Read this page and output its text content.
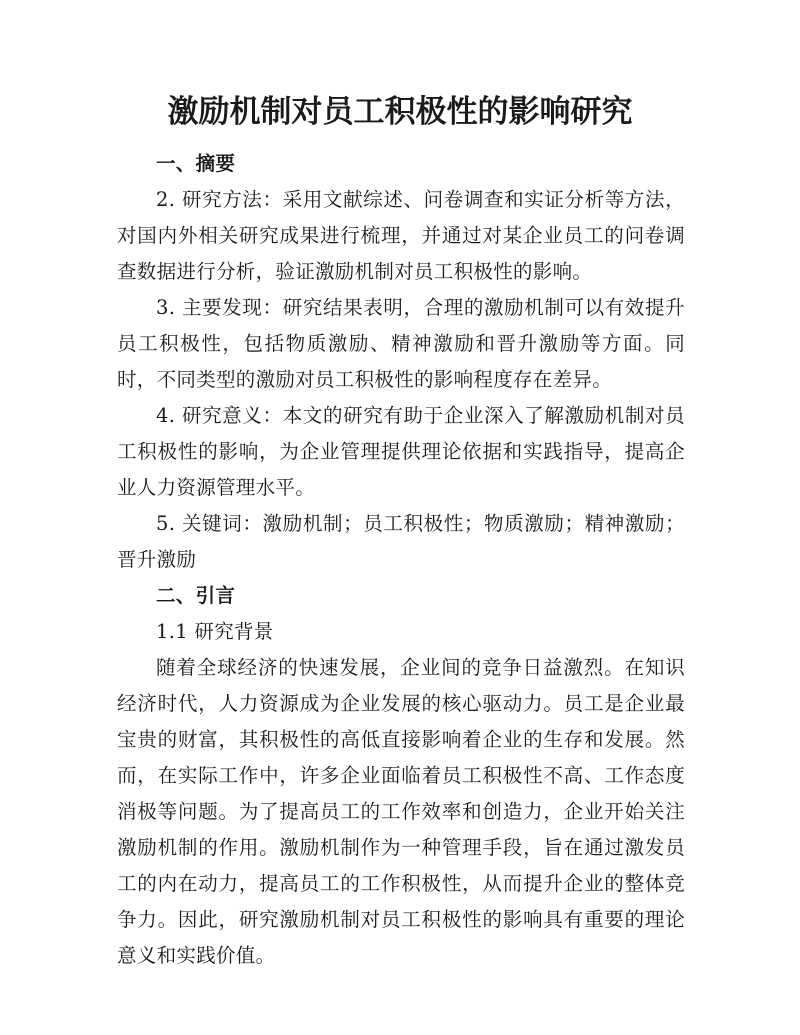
激励机制对员工积极性的影响研究

一、摘要

2. 研究方法：采用文献综述、问卷调查和实证分析等方法，对国内外相关研究成果进行梳理，并通过对某企业员工的问卷调查数据进行分析，验证激励机制对员工积极性的影响。

3. 主要发现：研究结果表明，合理的激励机制可以有效提升员工积极性，包括物质激励、精神激励和晋升激励等方面。同时，不同类型的激励对员工积极性的影响程度存在差异。

4. 研究意义：本文的研究有助于企业深入了解激励机制对员工积极性的影响，为企业管理提供理论依据和实践指导，提高企业人力资源管理水平。

5. 关键词：激励机制；员工积极性；物质激励；精神激励；晋升激励

二、引言

1.1 研究背景

随着全球经济的快速发展，企业间的竞争日益激烈。在知识经济时代，人力资源成为企业发展的核心驱动力。员工是企业最宝贵的财富，其积极性的高低直接影响着企业的生存和发展。然而，在实际工作中，许多企业面临着员工积极性不高、工作态度消极等问题。为了提高员工的工作效率和创造力，企业开始关注激励机制的作用。激励机制作为一种管理手段，旨在通过激发员工的内在动力，提高员工的工作积极性，从而提升企业的整体竞争力。因此，研究激励机制对员工积极性的影响具有重要的理论意义和实践价值。
